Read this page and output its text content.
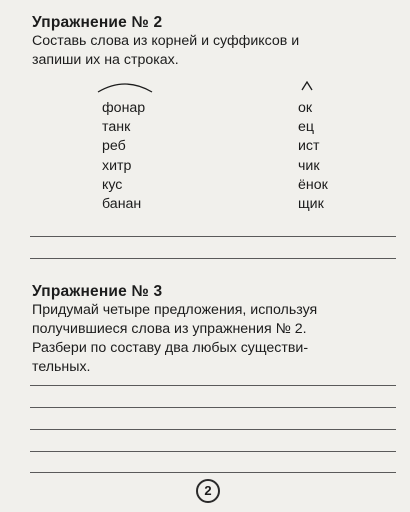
Упражнение № 2
Составь слова из корней и суффиксов и
запиши их на строках.
фонар
танк
реб
хитр
кус
банан
ок
ец
ист
чик
ёнок
щик
Упражнение № 3
Придумай четыре предложения, используя
получившиеся слова из упражнения № 2.
Разбери по составу два любых существи-
тельных.
2
